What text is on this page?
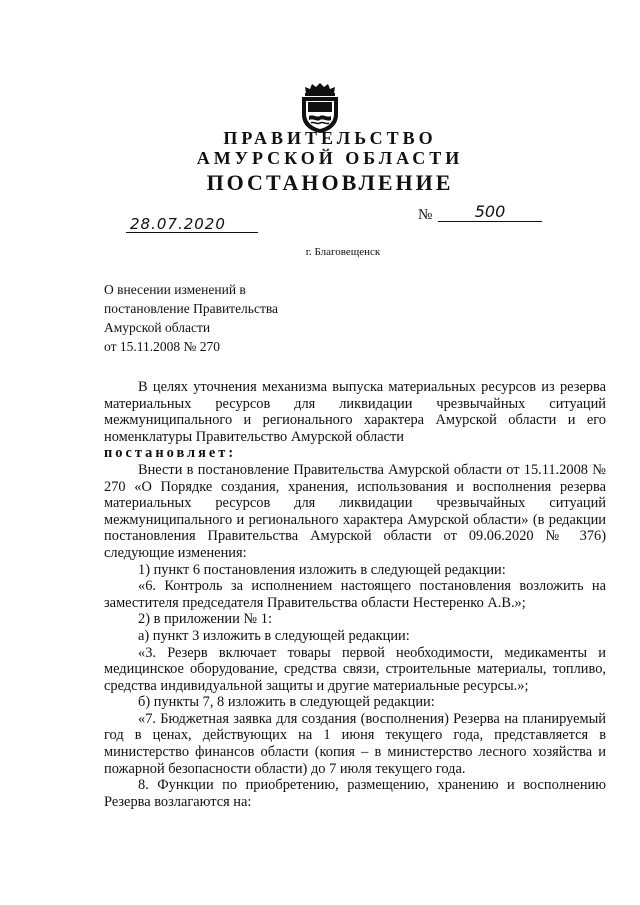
ПРАВИТЕЛЬСТВО
АМУРСКОЙ ОБЛАСТИ
ПОСТАНОВЛЕНИЕ
28.07.2020	№	500
г. Благовещенск
О внесении изменений в
постановление Правительства
Амурской области
от 15.11.2008 № 270

В целях уточнения механизма выпуска материальных ресурсов из резерва материальных ресурсов для ликвидации чрезвычайных ситуаций межмуниципального и регионального характера Амурской области и его номенклатуры Правительство Амурской области

постановляет:

Внести в постановление Правительства Амурской области от 15.11.2008 № 270 «О Порядке создания, хранения, использования и восполнения резерва материальных ресурсов для ликвидации чрезвычайных ситуаций межмуниципального и регионального характера Амурской области» (в редакции постановления Правительства Амурской области от 09.06.2020 № 376) следующие изменения:

1) пункт 6 постановления изложить в следующей редакции:

«6. Контроль за исполнением настоящего постановления возложить на заместителя председателя Правительства области Нестеренко А.В.»;

2) в приложении № 1:

а) пункт 3 изложить в следующей редакции:

«3. Резерв включает товары первой необходимости, медикаменты и медицинское оборудование, средства связи, строительные материалы, топливо, средства индивидуальной защиты и другие материальные ресурсы.»;

б) пункты 7, 8 изложить в следующей редакции:

«7. Бюджетная заявка для создания (восполнения) Резерва на планируемый год в ценах, действующих на 1 июня текущего года, представляется в министерство финансов области (копия – в министерство лесного хозяйства и пожарной безопасности области) до 7 июля текущего года.

8. Функции по приобретению, размещению, хранению и восполнению Резерва возлагаются на:
